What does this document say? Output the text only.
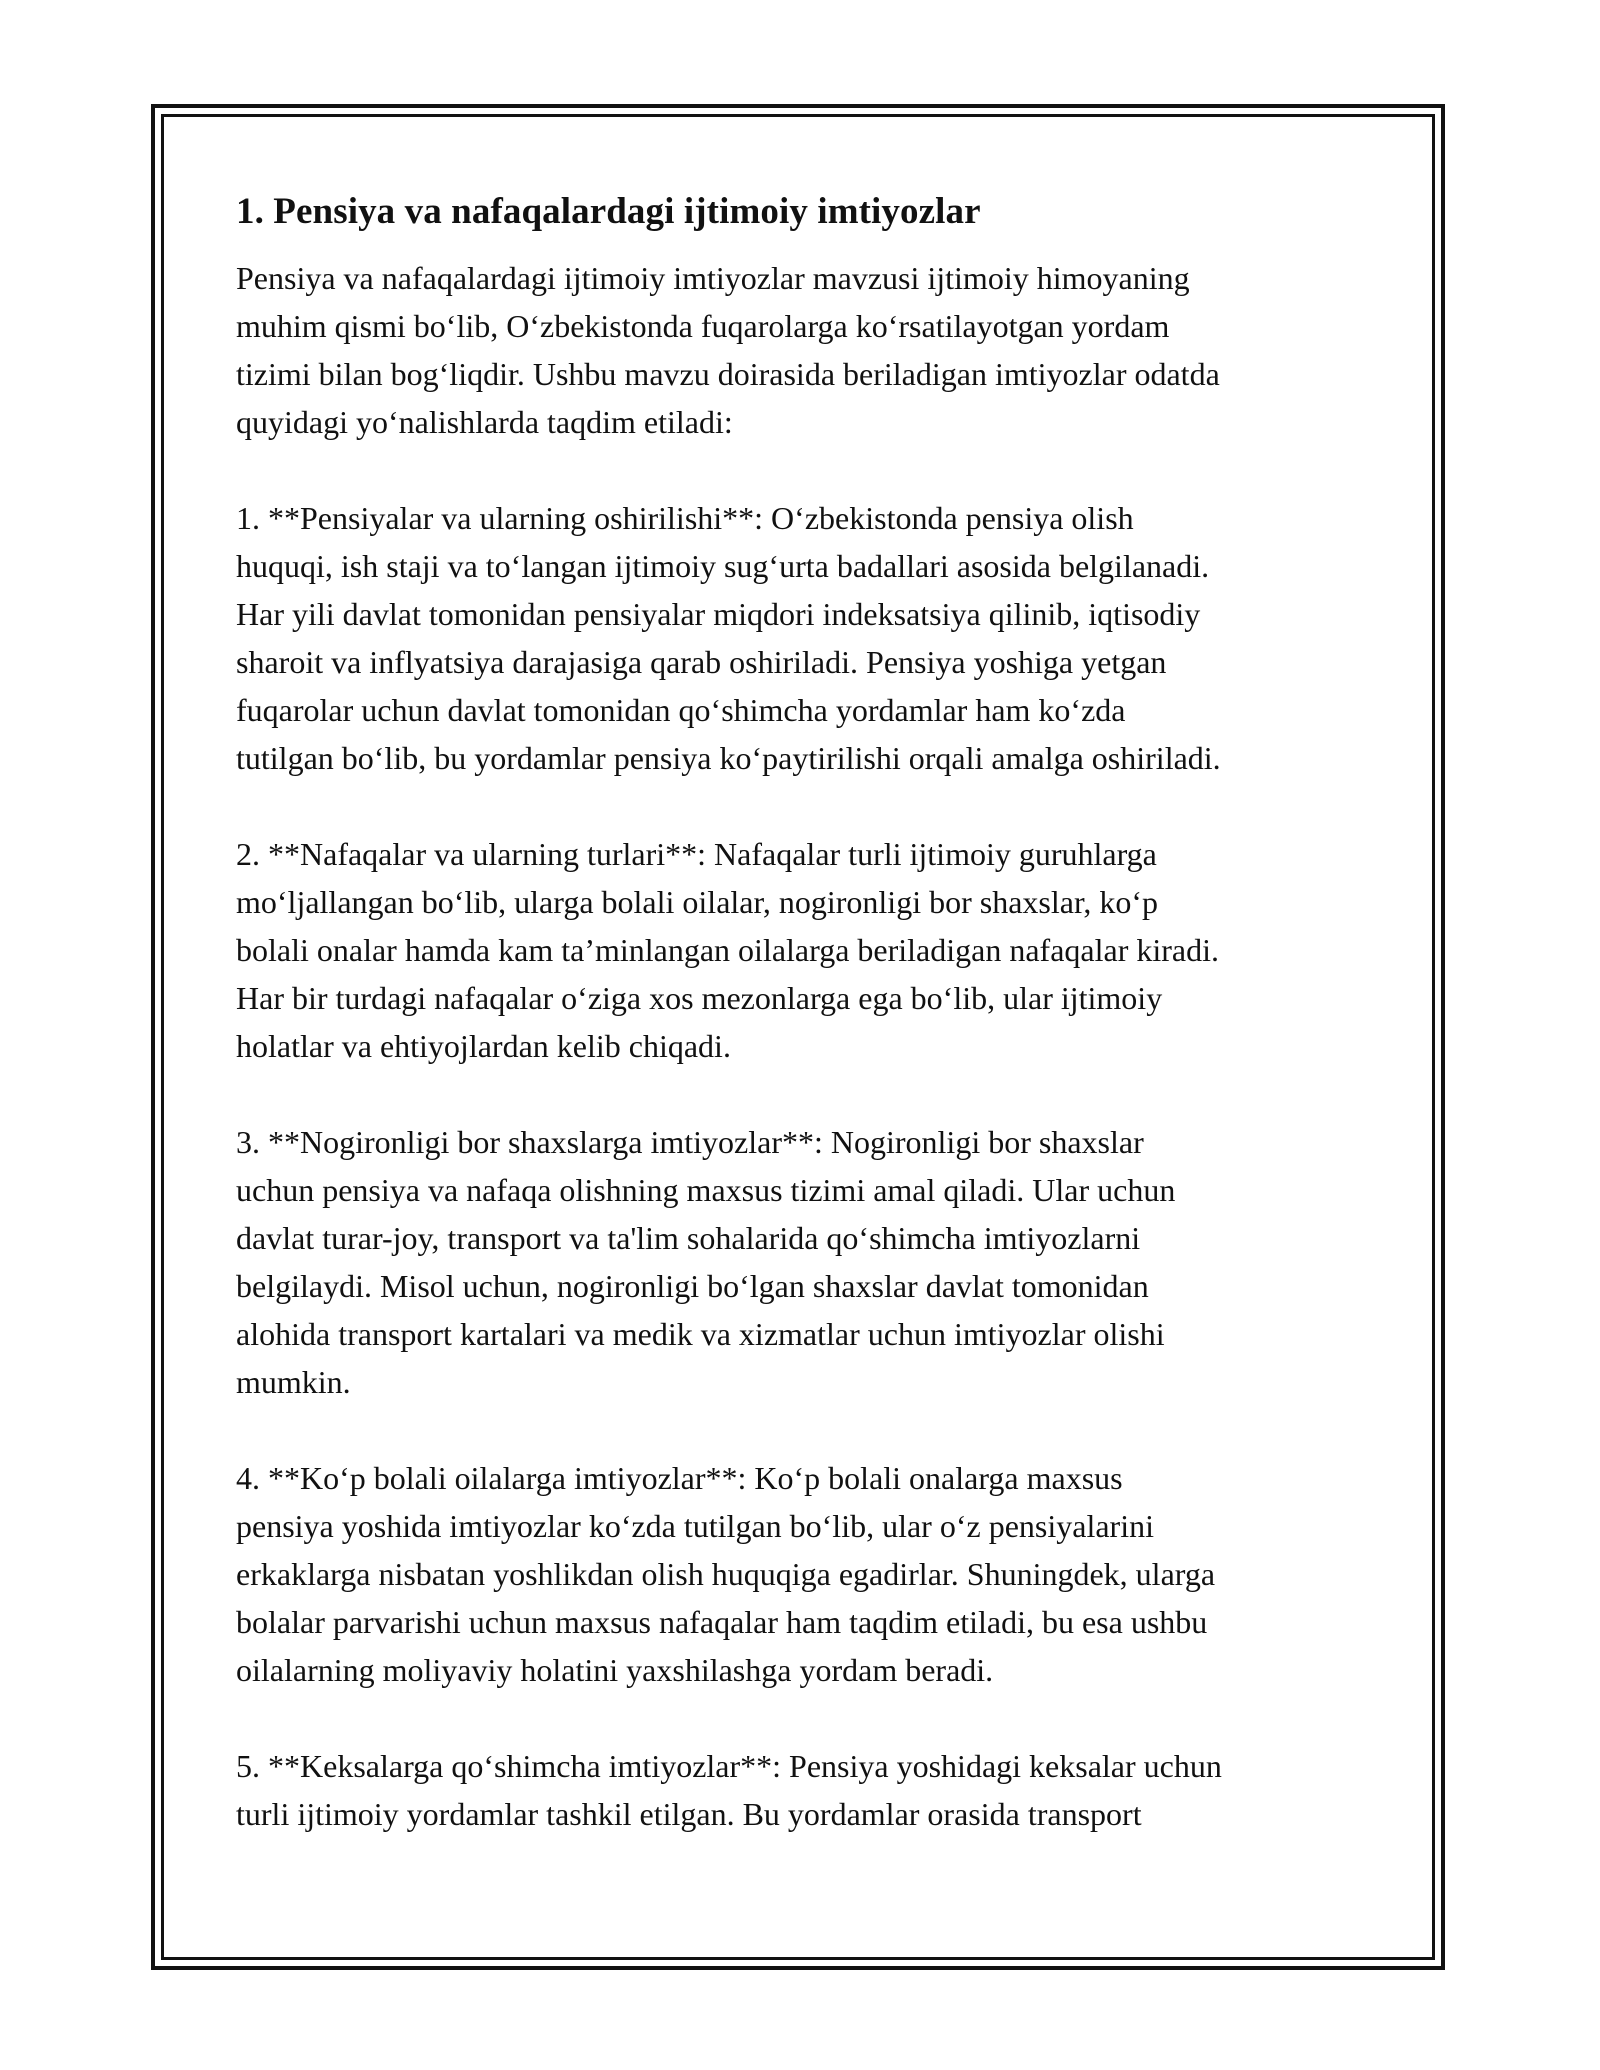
1. Pensiya va nafaqalardagi ijtimoiy imtiyozlar

Pensiya va nafaqalardagi ijtimoiy imtiyozlar mavzusi ijtimoiy himoyaning
muhim qismi bo‘lib, O‘zbekistonda fuqarolarga ko‘rsatilayotgan yordam
tizimi bilan bog‘liqdir. Ushbu mavzu doirasida beriladigan imtiyozlar odatda
quyidagi yo‘nalishlarda taqdim etiladi:

1. **Pensiyalar va ularning oshirilishi**: O‘zbekistonda pensiya olish
huquqi, ish staji va to‘langan ijtimoiy sug‘urta badallari asosida belgilanadi.
Har yili davlat tomonidan pensiyalar miqdori indeksatsiya qilinib, iqtisodiy
sharoit va inflyatsiya darajasiga qarab oshiriladi. Pensiya yoshiga yetgan
fuqarolar uchun davlat tomonidan qo‘shimcha yordamlar ham ko‘zda
tutilgan bo‘lib, bu yordamlar pensiya ko‘paytirilishi orqali amalga oshiriladi.

2. **Nafaqalar va ularning turlari**: Nafaqalar turli ijtimoiy guruhlarga
mo‘ljallangan bo‘lib, ularga bolali oilalar, nogironligi bor shaxslar, ko‘p
bolali onalar hamda kam ta’minlangan oilalarga beriladigan nafaqalar kiradi.
Har bir turdagi nafaqalar o‘ziga xos mezonlarga ega bo‘lib, ular ijtimoiy
holatlar va ehtiyojlardan kelib chiqadi.

3. **Nogironligi bor shaxslarga imtiyozlar**: Nogironligi bor shaxslar
uchun pensiya va nafaqa olishning maxsus tizimi amal qiladi. Ular uchun
davlat turar-joy, transport va ta'lim sohalarida qo‘shimcha imtiyozlarni
belgilaydi. Misol uchun, nogironligi bo‘lgan shaxslar davlat tomonidan
alohida transport kartalari va medik va xizmatlar uchun imtiyozlar olishi
mumkin.

4. **Ko‘p bolali oilalarga imtiyozlar**: Ko‘p bolali onalarga maxsus
pensiya yoshida imtiyozlar ko‘zda tutilgan bo‘lib, ular o‘z pensiyalarini
erkaklarga nisbatan yoshlikdan olish huquqiga egadirlar. Shuningdek, ularga
bolalar parvarishi uchun maxsus nafaqalar ham taqdim etiladi, bu esa ushbu
oilalarning moliyaviy holatini yaxshilashga yordam beradi.

5. **Keksalarga qo‘shimcha imtiyozlar**: Pensiya yoshidagi keksalar uchun
turli ijtimoiy yordamlar tashkil etilgan. Bu yordamlar orasida transport
